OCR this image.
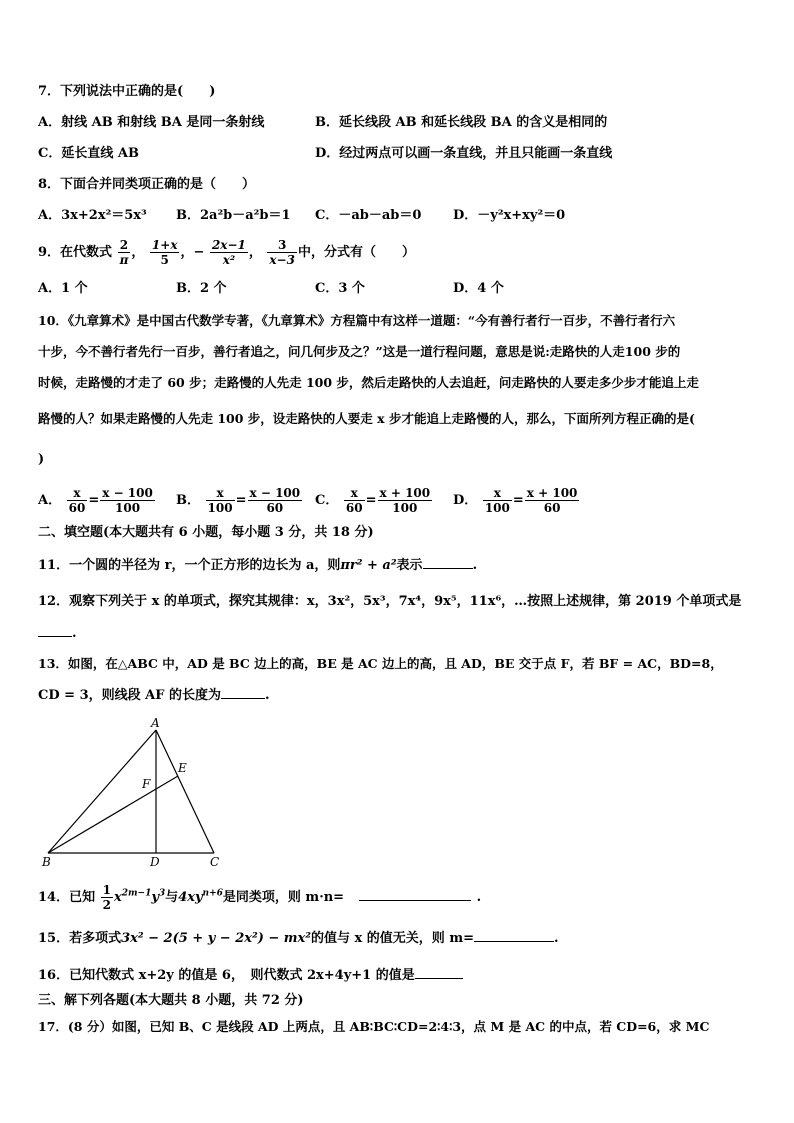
7．下列说法中正确的是(　　)
A．射线 AB 和射线 BA 是同一条射线	B．延长线段 AB 和延长线段 BA 的含义是相同的
C．延长直线 AB	D．经过两点可以画一条直线，并且只能画一条直线
8．下面合并同类项正确的是（　　）
A．3x+2x²＝5x³ B．2a²b－a²b＝1 C．－ab－ab＝0 D．－y²x+xy²＝0
9．在代数式 $\frac{2}{\pi}$ ， $\frac{1+x}{5}$ ，− $\frac{2x-1}{\text{x²}}$ ， $\frac{3}{x-3}$ 中，分式有（　　）
A．1 个	B．2 个	C．3 个	D．4 个
10．《九章算术》是中国古代数学专著，《九章算术》方程篇中有这样一道题：“今有善行者行一百步，不善行者行六
十步，今不善行者先行一百步，善行者追之，问几何步及之？”这是一道行程问题，意思是说:走路快的人走100 步的
时候，走路慢的才走了 60 步；走路慢的人先走 100 步，然后走路快的人去追赶，问走路快的人要走多少步才能追上走
路慢的人？如果走路慢的人先走 100 步，设走路快的人要走 x 步才能追上走路慢的人，那么，下面所列方程正确的是(
)
A． $\frac{x}{60} = \frac{x - 100}{100}$ B． $\frac{x}{100} = \frac{x - 100}{60}$ C． $\frac{x}{60} = \frac{x + 100}{100}$ D． $\frac{x}{100} = \frac{x + 100}{60}$
二、填空题(本大题共有 6 小题，每小题 3 分，共 18 分)
11．一个圆的半径为 r，一个正方形的边长为 a，则πr² + a²表示	.
12．观察下列关于 x 的单项式，探究其规律：x，3x²，5x³，7x⁴，9x⁵，11x⁶，…按照上述规律，第 2019 个单项式是
.
13．如图，在△ABC 中，AD 是 BC 边上的高，BE 是 AC 边上的高，且 AD，BE 交于点 F，若 BF = AC，BD=8，
CD = 3，则线段 AF 的长度为	.
A
B	C
D
E
F
14．已知 $\frac{1}{2} x^{2m-1}y^3$与$4xy^{n+6}$是同类项，则 m·n=	.
15．若多项式3x² − 2(5 + y − 2x²) − mx²的值与 x 的值无关，则 m=	.
16．已知代数式 x+2y 的值是 6，　则代数式 2x+4y+1 的值是
三、解下列各题(本大题共 8 小题，共 72 分)
17．(8 分）如图，已知 B、C 是线段 AD 上两点，且 AB∶BC∶CD=2∶4∶3，点 M 是 AC 的中点，若 CD=6，求 MC
